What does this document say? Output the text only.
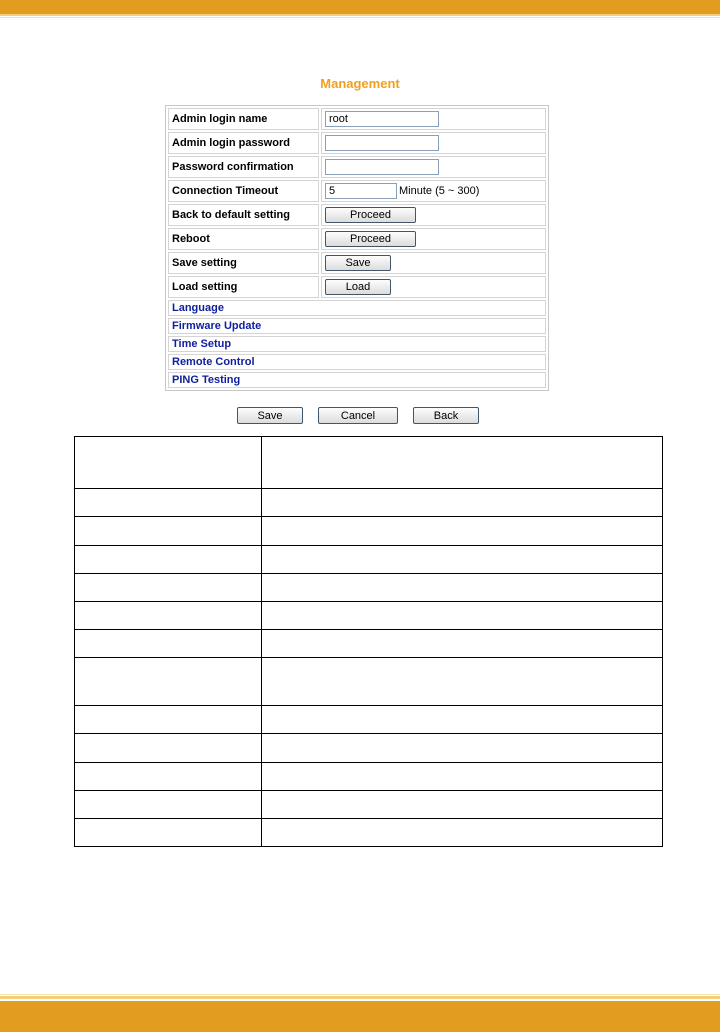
Management
Admin login name	root
Admin login password	
Password confirmation	
Connection Timeout	5Minute (5 ~ 300)
Back to default setting	Proceed
Reboot	Proceed
Save setting	Save
Load setting	Load
Language	
Firmware Update	
Time Setup	
Remote Control	
PING Testing	
Save	Cancel	Back
